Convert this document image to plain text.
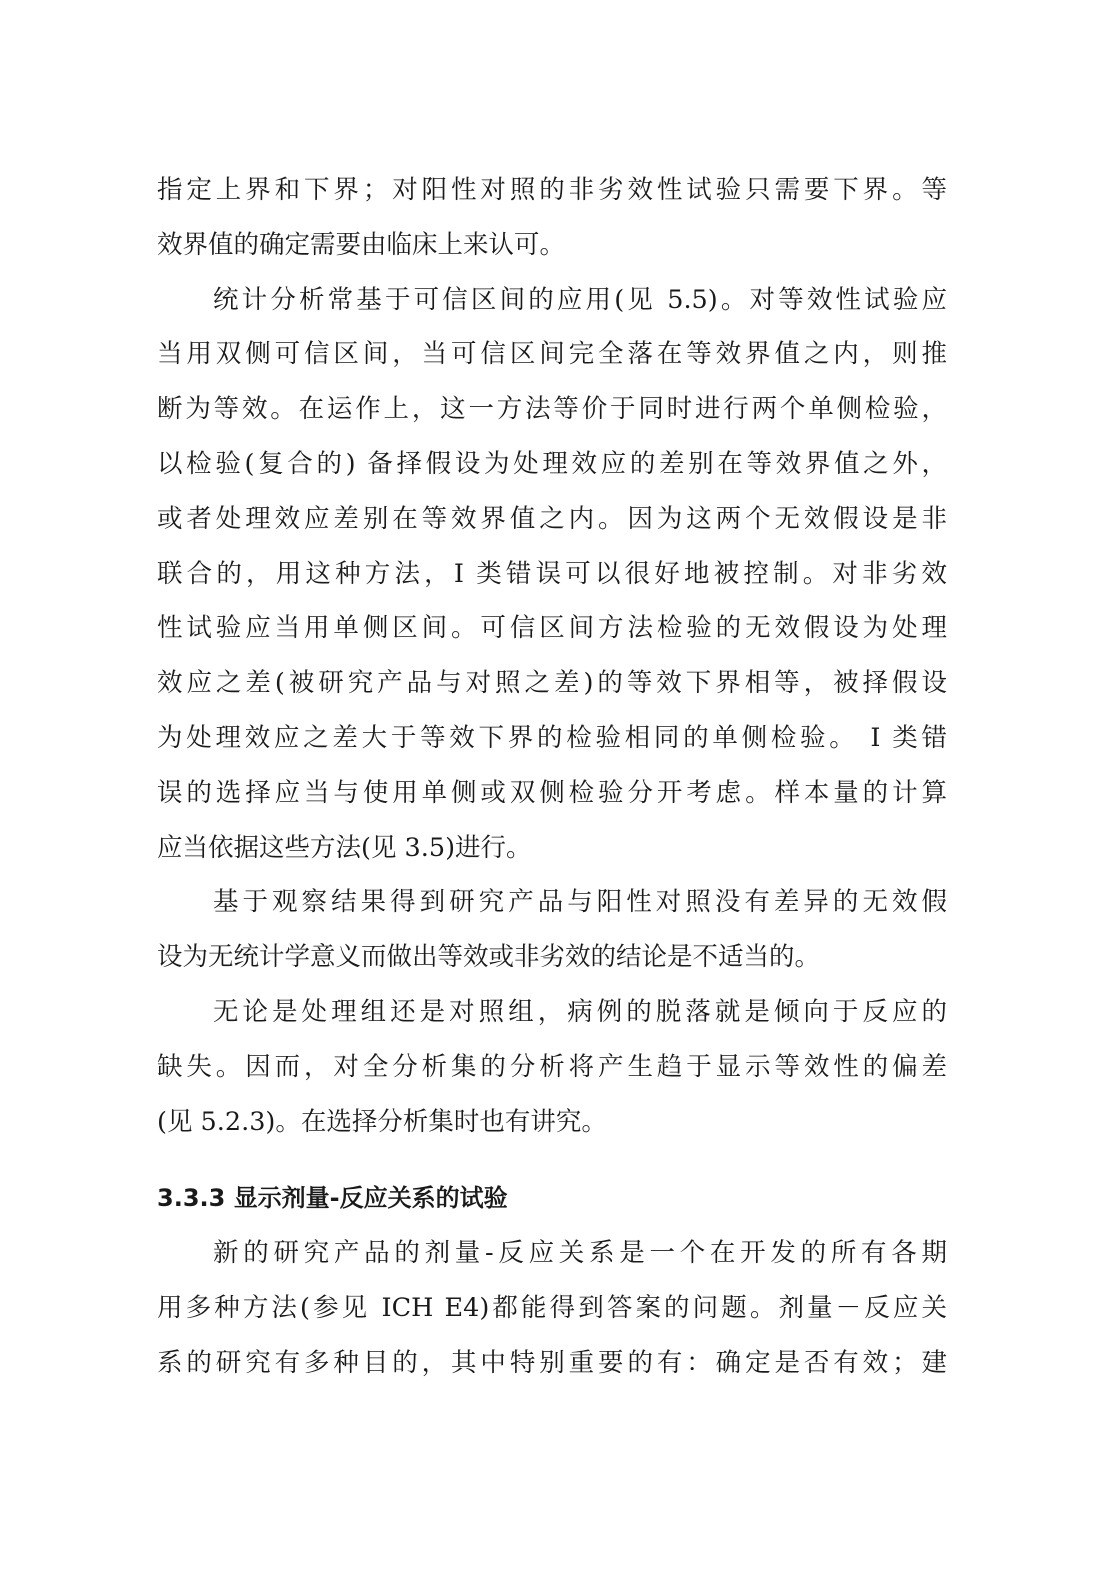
指定上界和下界；对阳性对照的非劣效性试验只需要下界。等
效界值的确定需要由临床上来认可。
统计分析常基于可信区间的应用(见 5.5)。对等效性试验应
当用双侧可信区间，当可信区间完全落在等效界值之内，则推
断为等效。在运作上，这一方法等价于同时进行两个单侧检验，
以检验(复合的) 备择假设为处理效应的差别在等效界值之外，
或者处理效应差别在等效界值之内。因为这两个无效假设是非
联合的，用这种方法，I 类错误可以很好地被控制。对非劣效
性试验应当用单侧区间。可信区间方法检验的无效假设为处理
效应之差(被研究产品与对照之差)的等效下界相等，被择假设
为处理效应之差大于等效下界的检验相同的单侧检验。 I 类错
误的选择应当与使用单侧或双侧检验分开考虑。样本量的计算
应当依据这些方法(见 3.5)进行。
基于观察结果得到研究产品与阳性对照没有差异的无效假
设为无统计学意义而做出等效或非劣效的结论是不适当的。
无论是处理组还是对照组，病例的脱落就是倾向于反应的
缺失。因而，对全分析集的分析将产生趋于显示等效性的偏差
(见 5.2.3)。在选择分析集时也有讲究。
3.3.3 显示剂量-反应关系的试验
新的研究产品的剂量-反应关系是一个在开发的所有各期
用多种方法(参见 ICH E4)都能得到答案的问题。剂量－反应关
系的研究有多种目的，其中特别重要的有：确定是否有效；建
